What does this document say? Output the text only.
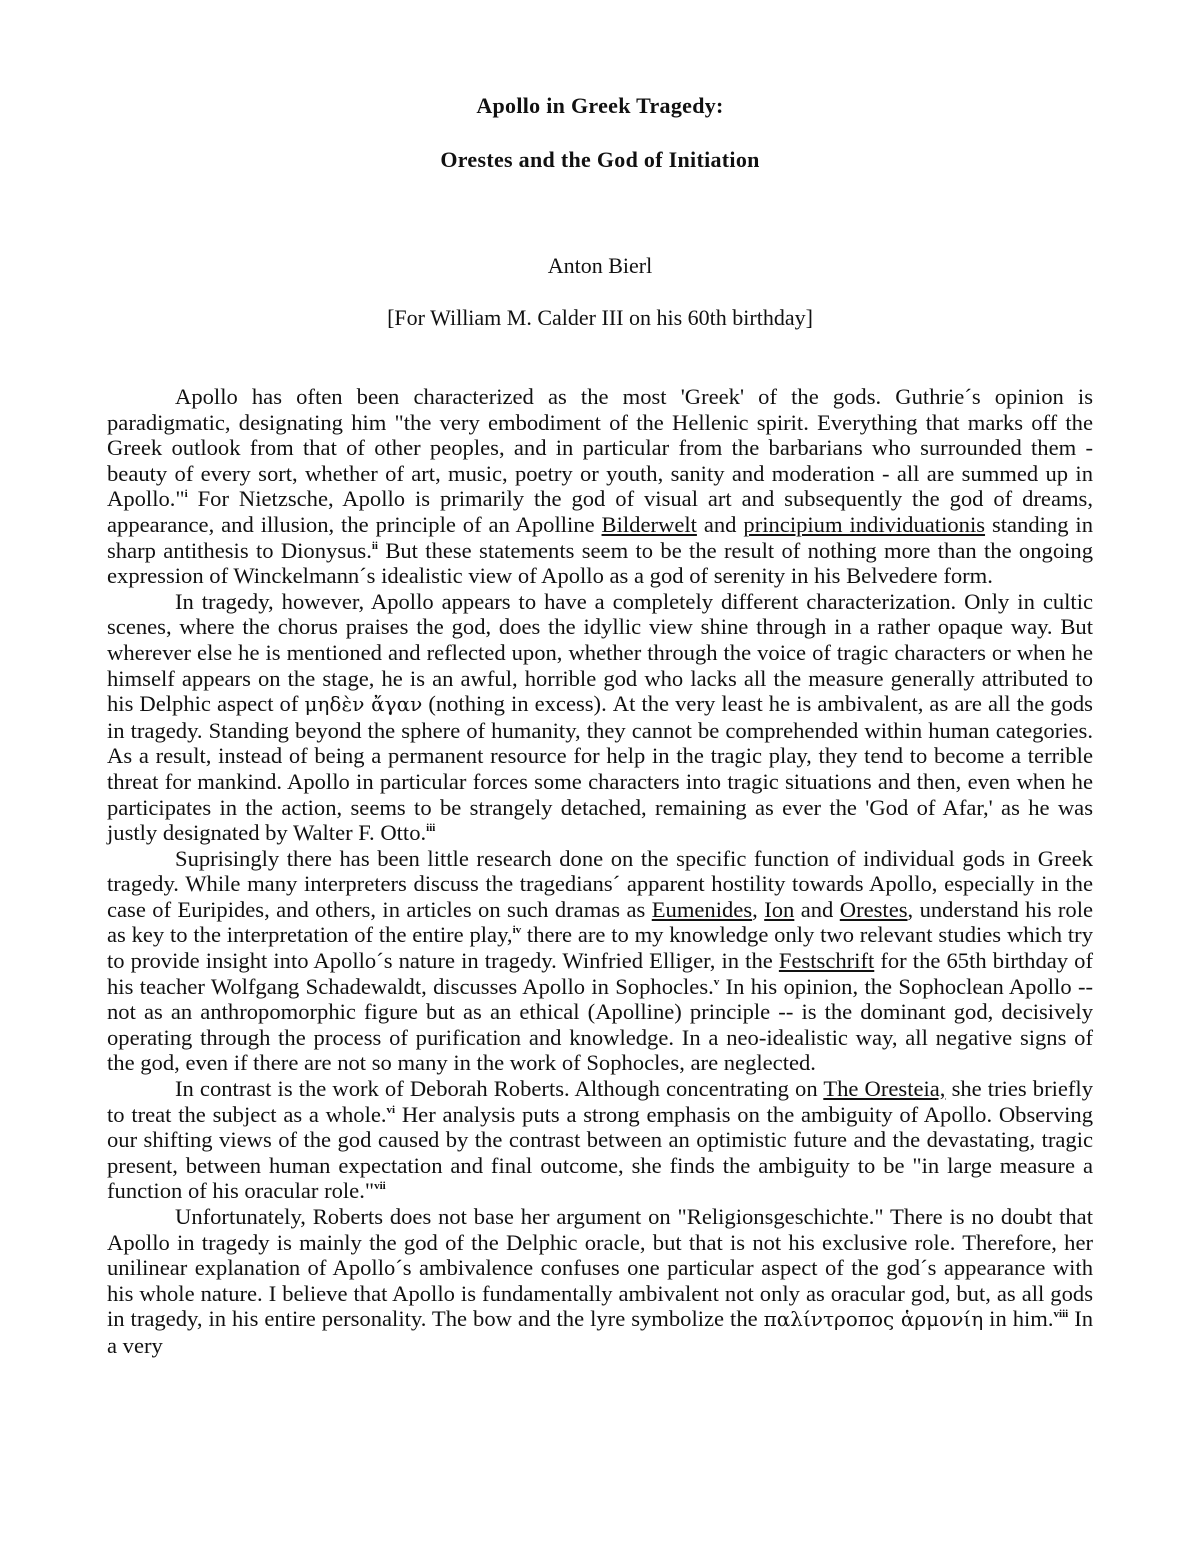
Apollo in Greek Tragedy:
Orestes and the God of Initiation

Anton Bierl

[For William M. Calder III on his 60th birthday]

Apollo has often been characterized as the most 'Greek' of the gods. Guthrie´s opinion is paradigmatic, designating him "the very embodiment of the Hellenic spirit. Everything that marks off the Greek outlook from that of other peoples, and in particular from the barbarians who surrounded them - beauty of every sort, whether of art, music, poetry or youth, sanity and moderation - all are summed up in Apollo."$^i$ For Nietzsche, Apollo is primarily the god of visual art and subsequently the god of dreams, appearance, and illusion, the principle of an Apolline Bilderwelt and principium individuationis standing in sharp antithesis to Dionysus.$^{ii}$ But these statements seem to be the result of nothing more than the ongoing expression of Winckelmann´s idealistic view of Apollo as a god of serenity in his Belvedere form.

In tragedy, however, Apollo appears to have a completely different characterization. Only in cultic scenes, where the chorus praises the god, does the idyllic view shine through in a rather opaque way. But wherever else he is mentioned and reflected upon, whether through the voice of tragic characters or when he himself appears on the stage, he is an awful, horrible god who lacks all the measure generally attributed to his Delphic aspect of μηδὲν ἄγαν (nothing in excess). At the very least he is ambivalent, as are all the gods in tragedy. Standing beyond the sphere of humanity, they cannot be comprehended within human categories. As a result, instead of being a permanent resource for help in the tragic play, they tend to become a terrible threat for mankind. Apollo in particular forces some characters into tragic situations and then, even when he participates in the action, seems to be strangely detached, remaining as ever the 'God of Afar,' as he was justly designated by Walter F. Otto.$^{iii}$

Suprisingly there has been little research done on the specific function of individual gods in Greek tragedy. While many interpreters discuss the tragedians´ apparent hostility towards Apollo, especially in the case of Euripides, and others, in articles on such dramas as Eumenides, Ion and Orestes, understand his role as key to the interpretation of the entire play,$^{iv}$ there are to my knowledge only two relevant studies which try to provide insight into Apollo´s nature in tragedy. Winfried Elliger, in the Festschrift for the 65th birthday of his teacher Wolfgang Schadewaldt, discusses Apollo in Sophocles.$^v$ In his opinion, the Sophoclean Apollo -- not as an anthropomorphic figure but as an ethical (Apolline) principle -- is the dominant god, decisively operating through the process of purification and knowledge. In a neo-idealistic way, all negative signs of the god, even if there are not so many in the work of Sophocles, are neglected.

In contrast is the work of Deborah Roberts. Although concentrating on The Oresteia, she tries briefly to treat the subject as a whole.$^{vi}$ Her analysis puts a strong emphasis on the ambiguity of Apollo. Observing our shifting views of the god caused by the contrast between an optimistic future and the devastating, tragic present, between human expectation and final outcome, she finds the ambiguity to be "in large measure a function of his oracular role."$^{vii}$

Unfortunately, Roberts does not base her argument on "Religionsgeschichte." There is no doubt that Apollo in tragedy is mainly the god of the Delphic oracle, but that is not his exclusive role. Therefore, her unilinear explanation of Apollo´s ambivalence confuses one particular aspect of the god´s appearance with his whole nature. I believe that Apollo is fundamentally ambivalent not only as oracular god, but, as all gods in tragedy, in his entire personality. The bow and the lyre symbolize the παλίντροπος ἁρμονίη in him.$^{viii}$ In a very
